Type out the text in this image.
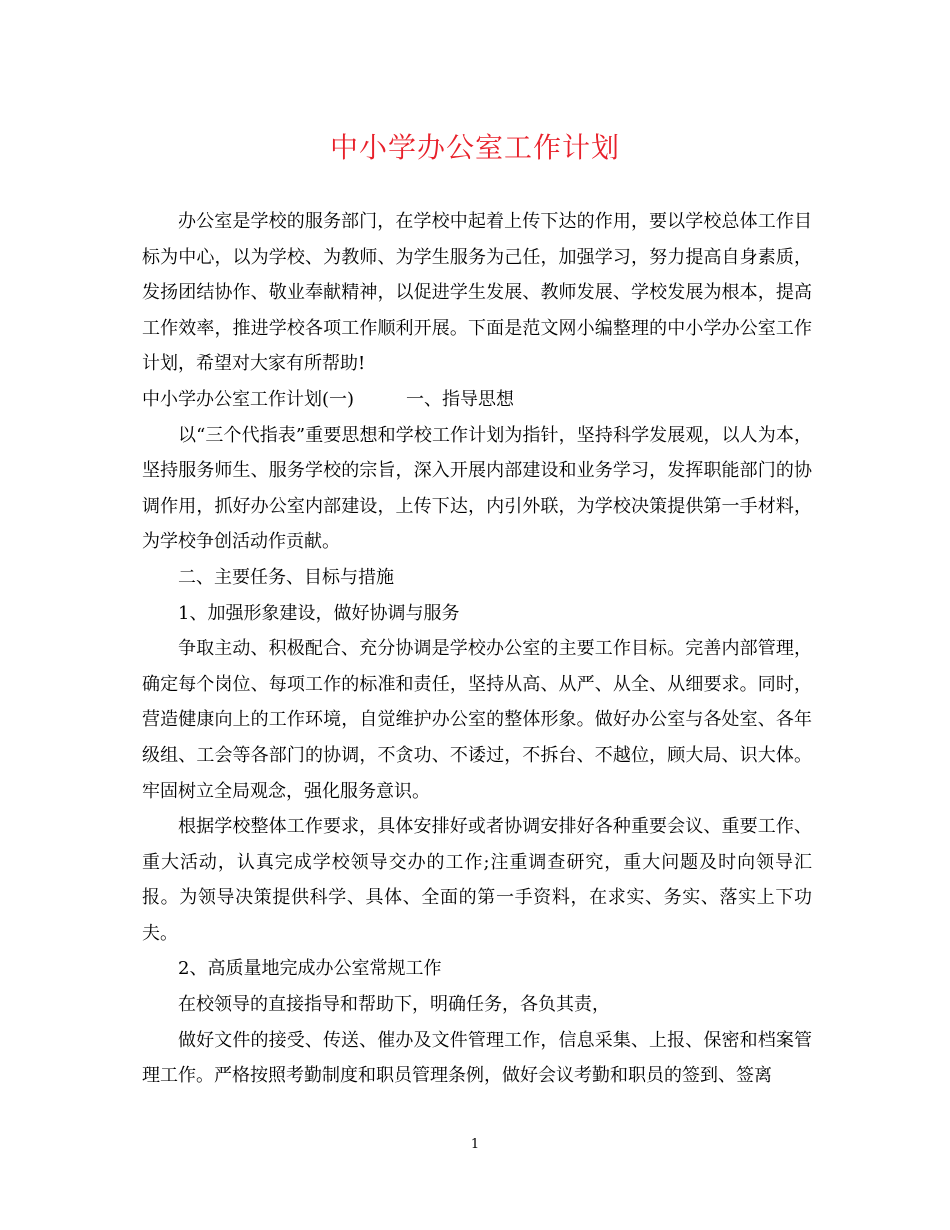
中小学办公室工作计划

办公室是学校的服务部门，在学校中起着上传下达的作用，要以学校总体工作目标为中心，以为学校、为教师、为学生服务为己任，加强学习，努力提高自身素质，发扬团结协作、敬业奉献精神，以促进学生发展、教师发展、学校发展为根本，提高工作效率，推进学校各项工作顺利开展。下面是范文网小编整理的中小学办公室工作计划，希望对大家有所帮助!

中小学办公室工作计划(一)	一、指导思想

以“三个代指表”重要思想和学校工作计划为指针，坚持科学发展观，以人为本，坚持服务师生、服务学校的宗旨，深入开展内部建设和业务学习，发挥职能部门的协调作用，抓好办公室内部建设，上传下达，内引外联，为学校决策提供第一手材料，为学校争创活动作贡献。

二、主要任务、目标与措施

1、加强形象建设，做好协调与服务

争取主动、积极配合、充分协调是学校办公室的主要工作目标。完善内部管理，确定每个岗位、每项工作的标准和责任，坚持从高、从严、从全、从细要求。同时，营造健康向上的工作环境，自觉维护办公室的整体形象。做好办公室与各处室、各年级组、工会等各部门的协调，不贪功、不诿过，不拆台、不越位，顾大局、识大体。牢固树立全局观念，强化服务意识。

根据学校整体工作要求，具体安排好或者协调安排好各种重要会议、重要工作、重大活动，认真完成学校领导交办的工作;注重调查研究，重大问题及时向领导汇报。为领导决策提供科学、具体、全面的第一手资料，在求实、务实、落实上下功夫。

2、高质量地完成办公室常规工作

在校领导的直接指导和帮助下，明确任务，各负其责，

做好文件的接受、传送、催办及文件管理工作，信息采集、上报、保密和档案管理工作。严格按照考勤制度和职员管理条例，做好会议考勤和职员的签到、签离

1
